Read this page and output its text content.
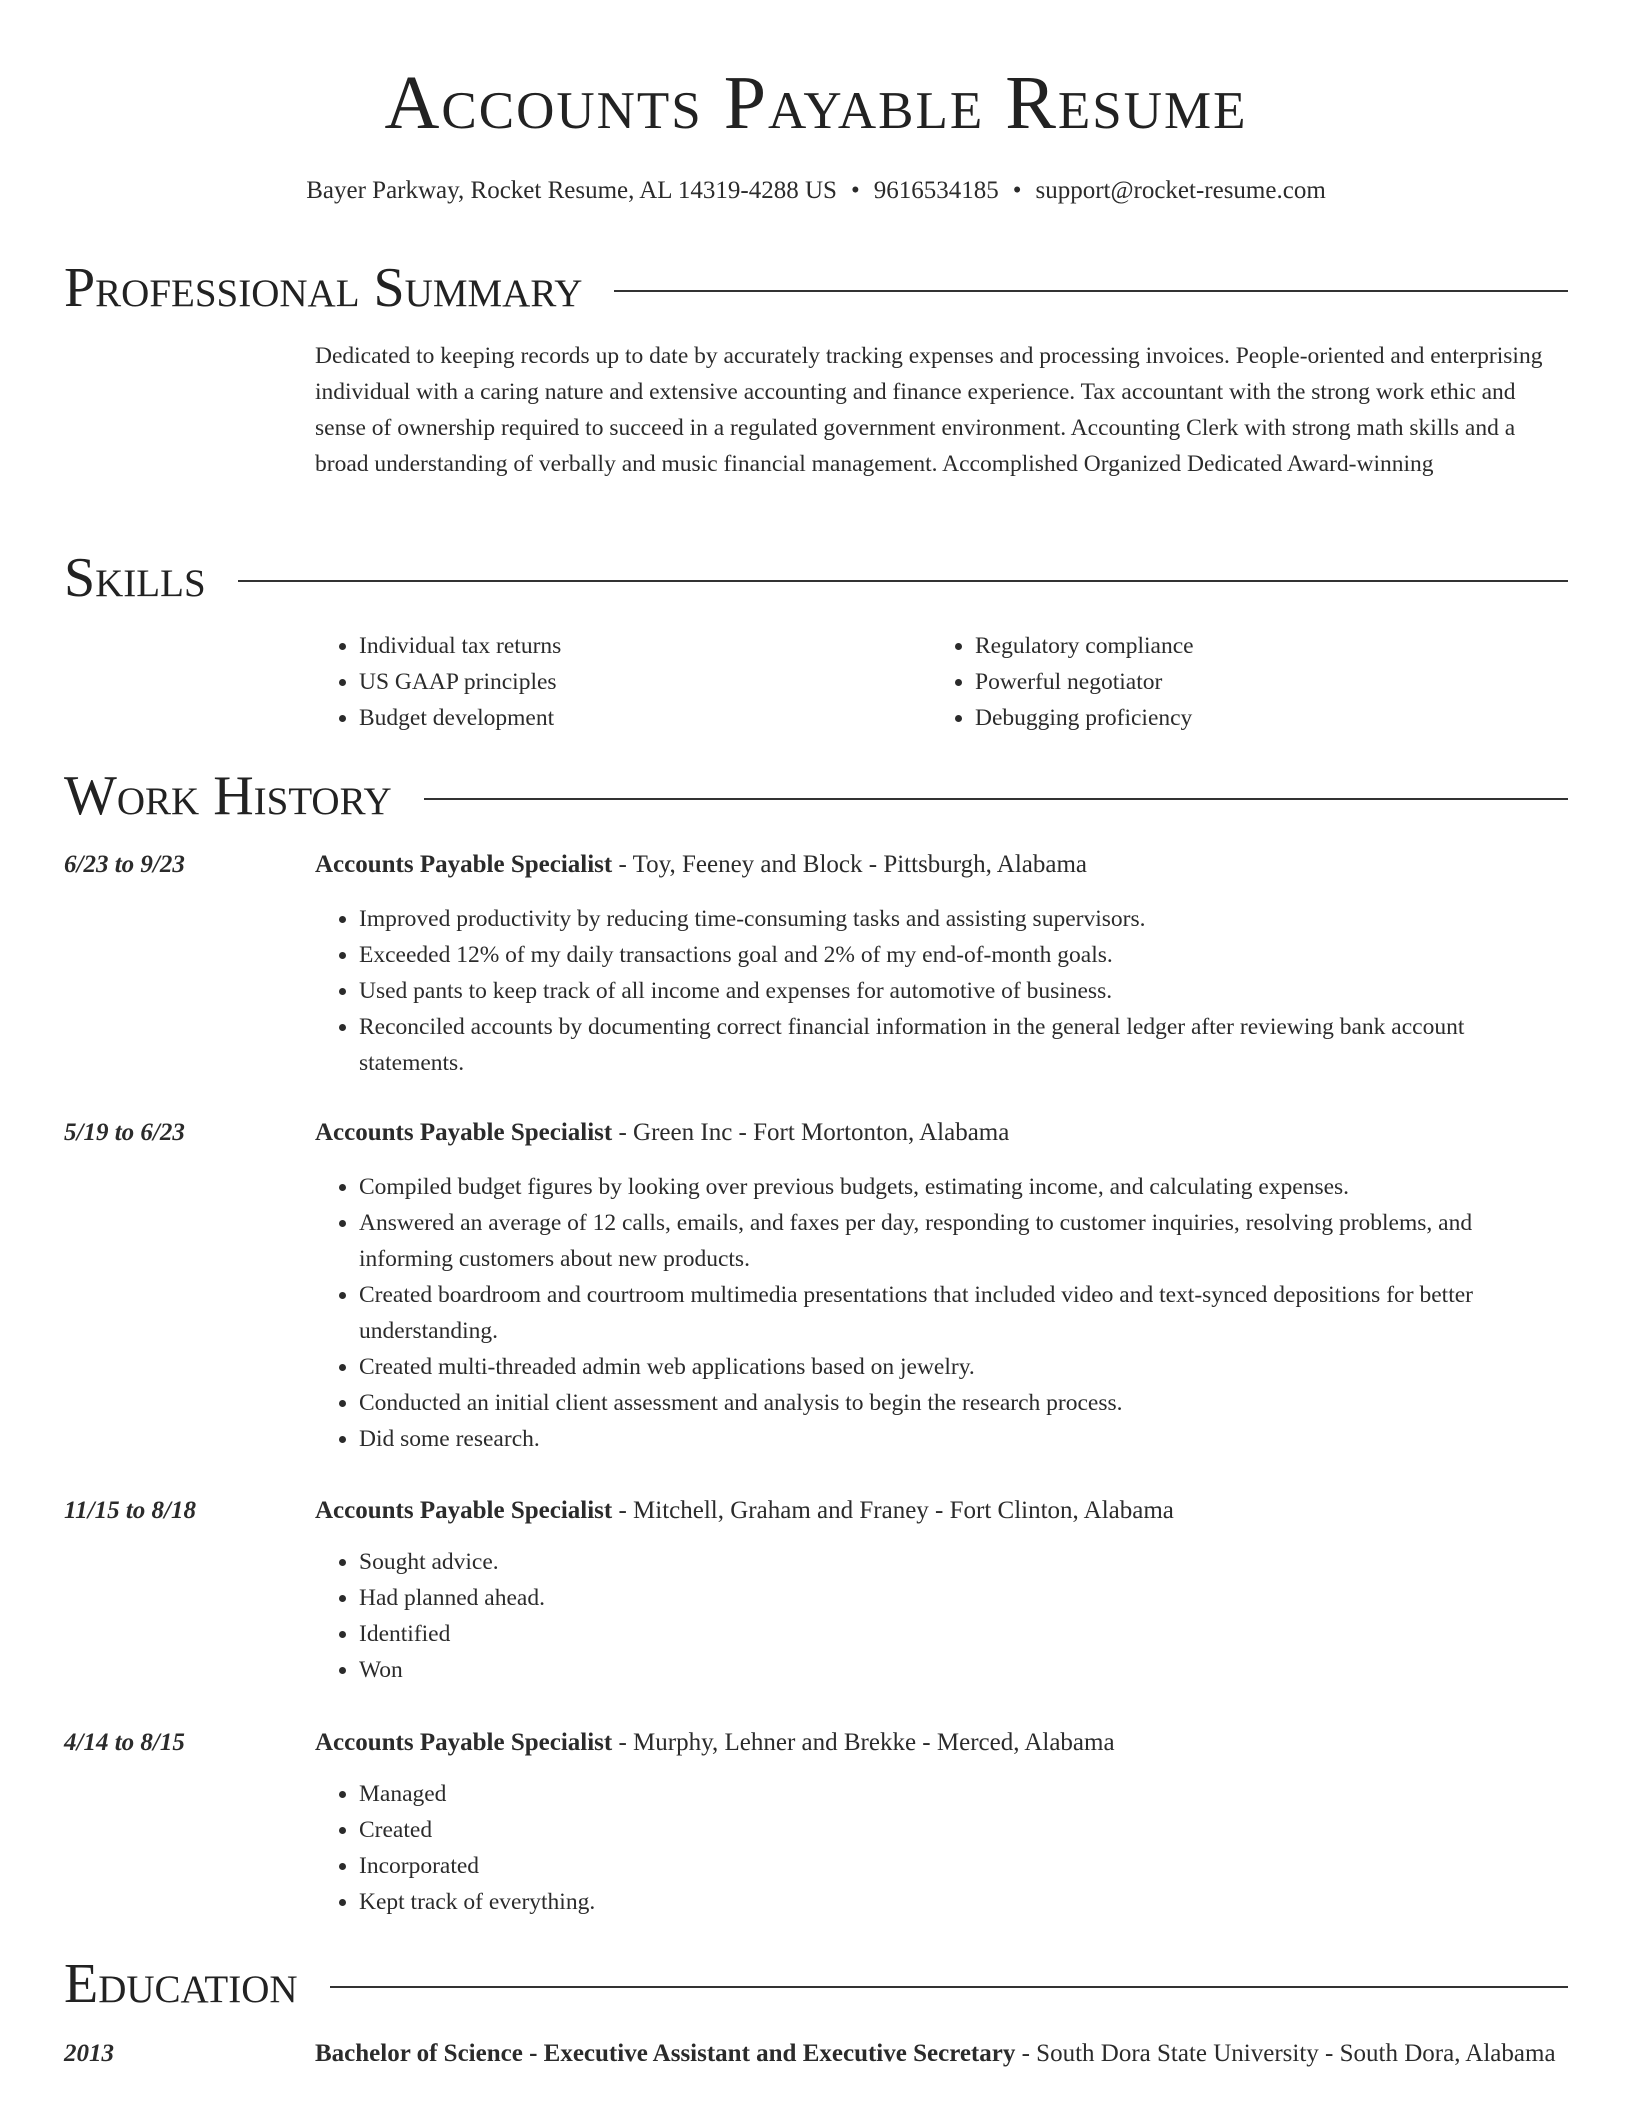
Accounts Payable Resume
Bayer Parkway, Rocket Resume, AL 14319-4288 US • 9616534185 • support@rocket-resume.com
Professional Summary
Dedicated to keeping records up to date by accurately tracking expenses and processing invoices. People-oriented and enterprising individual with a caring nature and extensive accounting and finance experience. Tax accountant with the strong work ethic and sense of ownership required to succeed in a regulated government environment. Accounting Clerk with strong math skills and a broad understanding of verbally and music financial management. Accomplished Organized Dedicated Award-winning
Skills
• Individual tax returns
• US GAAP principles
• Budget development
• Regulatory compliance
• Powerful negotiator
• Debugging proficiency
Work History
6/23 to 9/23	Accounts Payable Specialist - Toy, Feeney and Block - Pittsburgh, Alabama
• Improved productivity by reducing time-consuming tasks and assisting supervisors.
• Exceeded 12% of my daily transactions goal and 2% of my end-of-month goals.
• Used pants to keep track of all income and expenses for automotive of business.
• Reconciled accounts by documenting correct financial information in the general ledger after reviewing bank account statements.
5/19 to 6/23	Accounts Payable Specialist - Green Inc - Fort Mortonton, Alabama
• Compiled budget figures by looking over previous budgets, estimating income, and calculating expenses.
• Answered an average of 12 calls, emails, and faxes per day, responding to customer inquiries, resolving problems, and informing customers about new products.
• Created boardroom and courtroom multimedia presentations that included video and text-synced depositions for better understanding.
• Created multi-threaded admin web applications based on jewelry.
• Conducted an initial client assessment and analysis to begin the research process.
• Did some research.
11/15 to 8/18	Accounts Payable Specialist - Mitchell, Graham and Franey - Fort Clinton, Alabama
• Sought advice.
• Had planned ahead.
• Identified
• Won
4/14 to 8/15	Accounts Payable Specialist - Murphy, Lehner and Brekke - Merced, Alabama
• Managed
• Created
• Incorporated
• Kept track of everything.
Education
2013	Bachelor of Science - Executive Assistant and Executive Secretary - South Dora State University - South Dora, Alabama
